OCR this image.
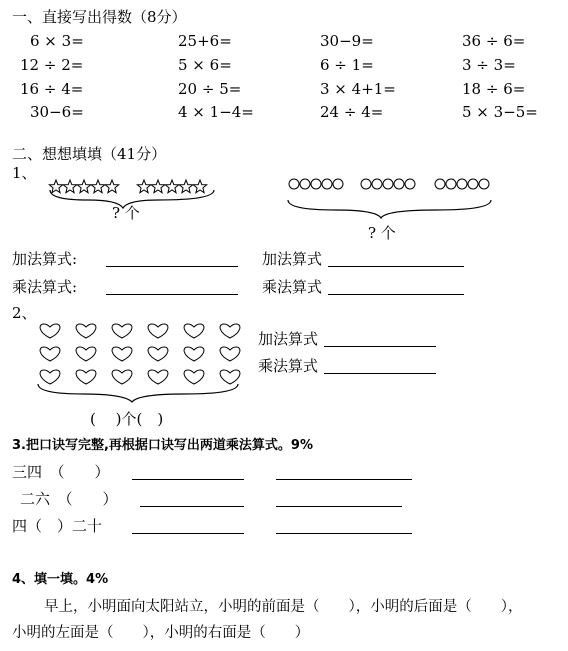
一、直接写出得数（8分）
6 × 3=	25+6=	30−9=	36 ÷ 6=
12 ÷ 2=	5 × 6=	6 ÷ 1=	3 ÷ 3=
16 ÷ 4=	20 ÷ 5=	3 × 4+1=	18 ÷ 6=
30−6=	4 × 1−4=	24 ÷ 4=	5 × 3−5=
二、想想填填（41分）
1、
? 个
? 个
加法算式:	加法算式
乘法算式:	乘法算式
2、
加法算式
乘法算式
(　 )个(　)
3.把口诀写完整,再根据口诀写出两道乘法算式。9%
三四　（　　）
二六　（　　）
四（　）二十
4、填一填。4%
早上，小明面向太阳站立，小明的前面是（　　），小明的后面是（　　），
小明的左面是（　　），小明的右面是（　　）
